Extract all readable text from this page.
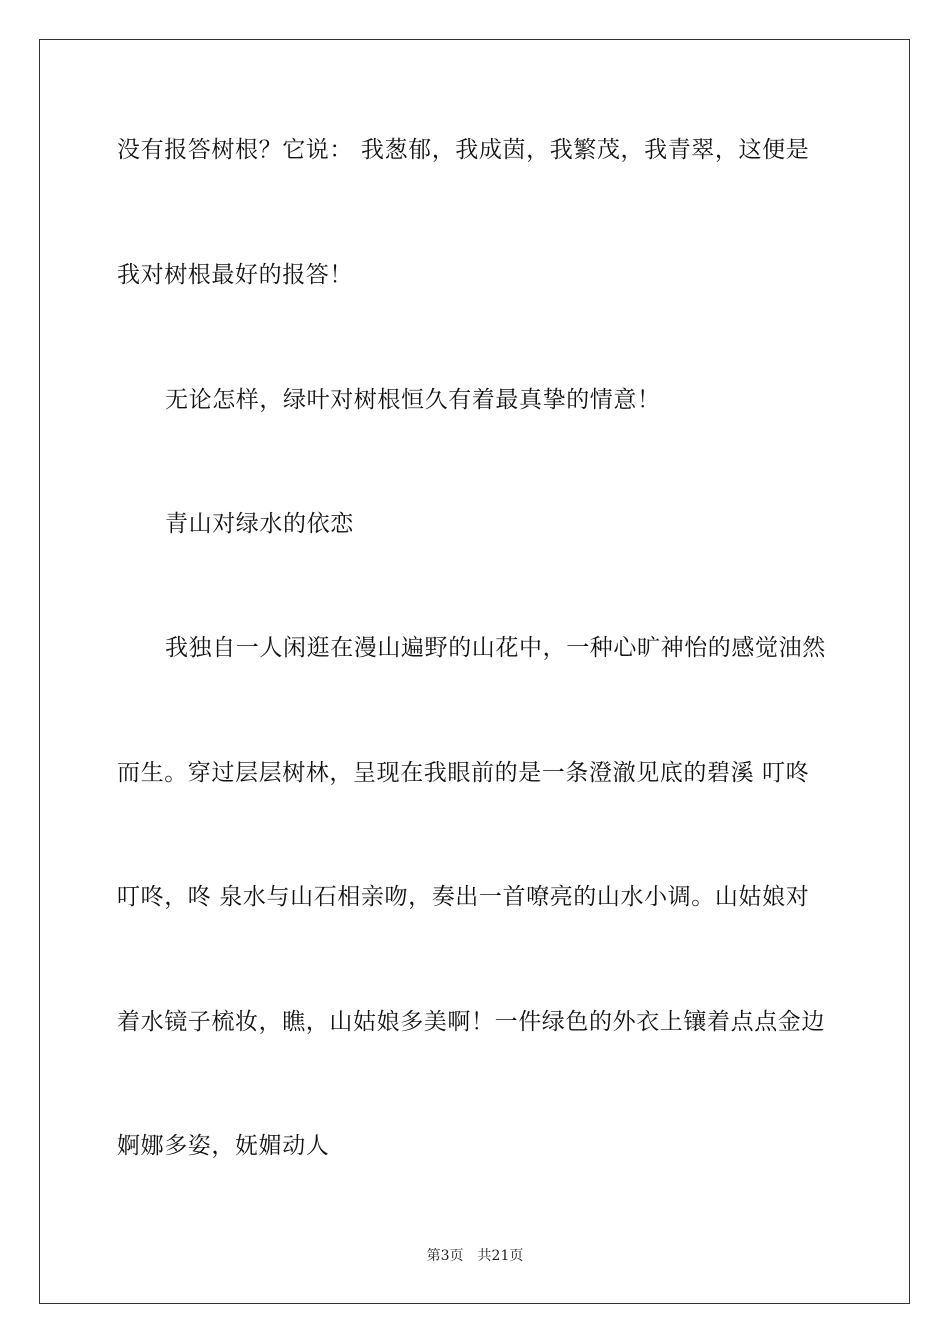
没有报答树根？它说： 我葱郁，我成茵，我繁茂，我青翠，这便是
我对树根最好的报答！
无论怎样，绿叶对树根恒久有着最真挚的情意！
青山对绿水的依恋
我独自一人闲逛在漫山遍野的山花中，一种心旷神怡的感觉油然
而生。穿过层层树林，呈现在我眼前的是一条澄澈见底的碧溪 叮咚
叮咚，咚 泉水与山石相亲吻，奏出一首嘹亮的山水小调。山姑娘对
着水镜子梳妆，瞧，山姑娘多美啊！一件绿色的外衣上镶着点点金边
婀娜多姿，妩媚动人
第3页 共21页
